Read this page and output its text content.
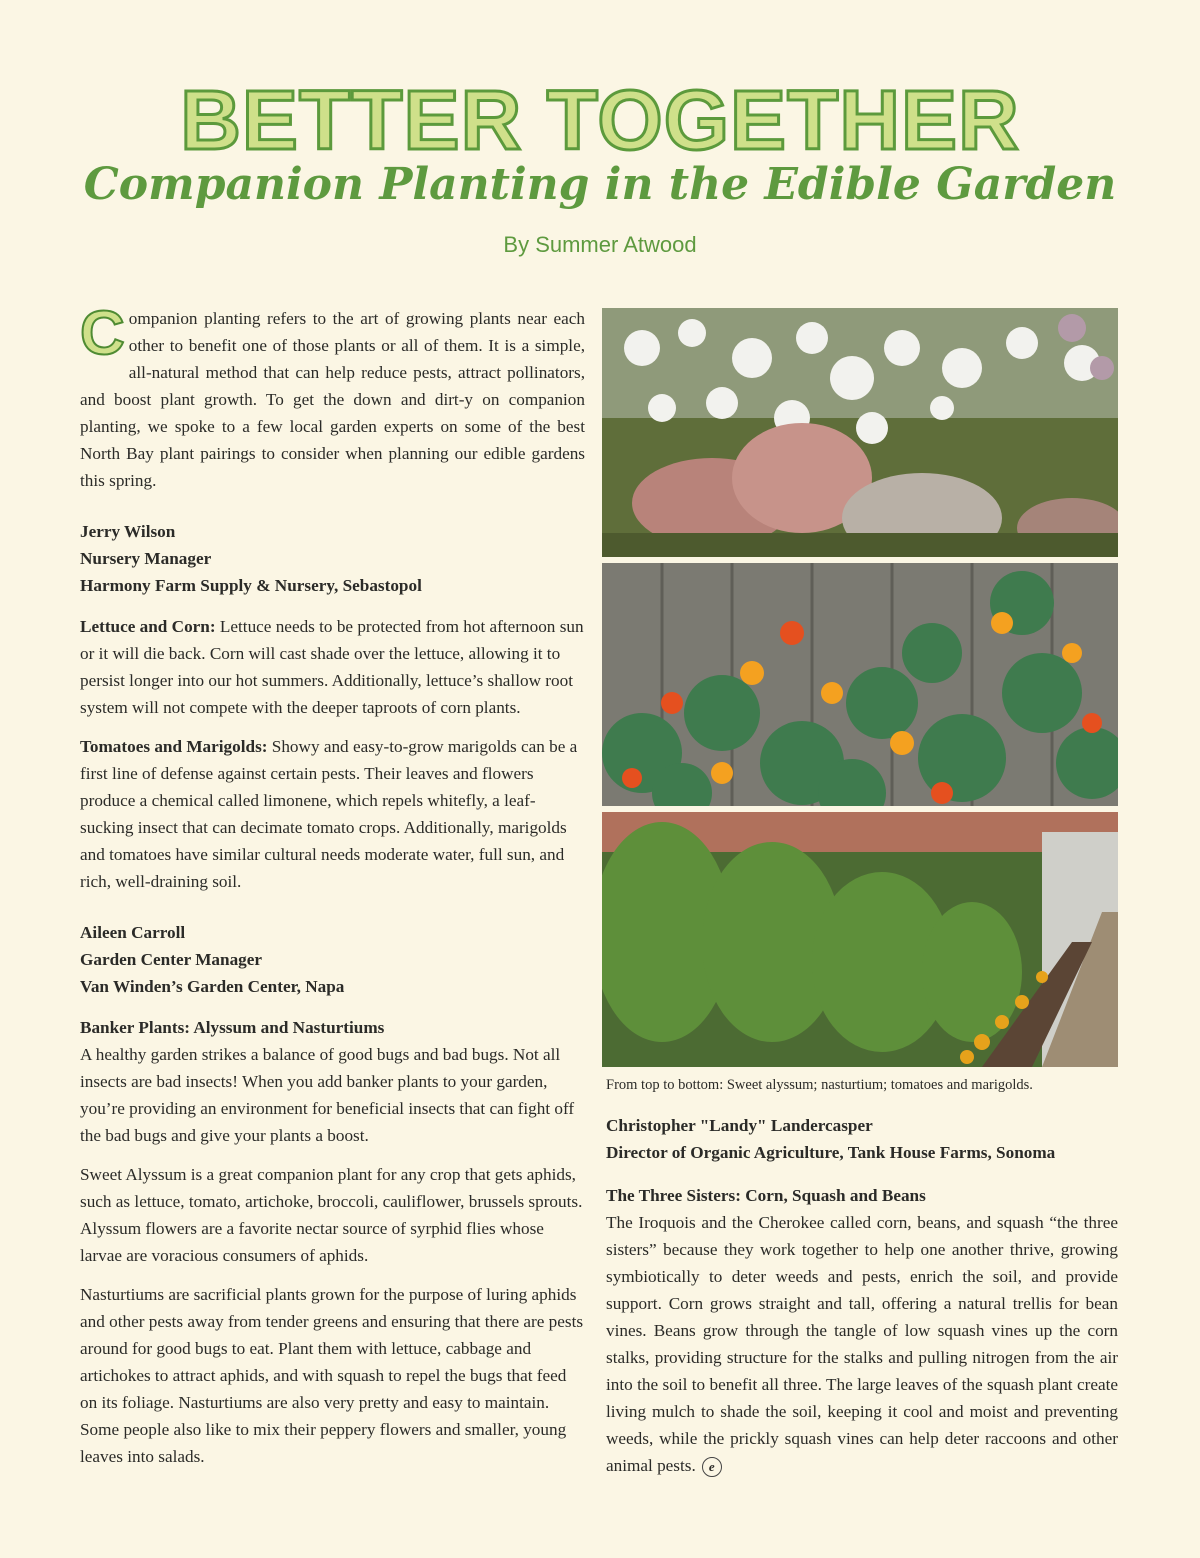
BETTER TOGETHER
Companion Planting in the Edible Garden
By Summer Atwood

Companion planting refers to the art of growing plants near each other to benefit one of those plants or all of them. It is a simple, all-natural method that can help reduce pests, attract pollinators, and boost plant growth. To get the down and dirt-y on companion planting, we spoke to a few local garden experts on some of the best North Bay plant pairings to consider when planning our edible gardens this spring.

Jerry Wilson
Nursery Manager
Harmony Farm Supply & Nursery, Sebastopol

Lettuce and Corn: Lettuce needs to be protected from hot afternoon sun or it will die back. Corn will cast shade over the lettuce, allowing it to persist longer into our hot summers. Additionally, lettuce’s shallow root system will not compete with the deeper taproots of corn plants.

Tomatoes and Marigolds: Showy and easy-to-grow marigolds can be a first line of defense against certain pests. Their leaves and flowers produce a chemical called limonene, which repels whitefly, a leaf-sucking insect that can decimate tomato crops. Additionally, marigolds and tomatoes have similar cultural needs moderate water, full sun, and rich, well-draining soil.

Aileen Carroll
Garden Center Manager
Van Winden’s Garden Center, Napa

Banker Plants: Alyssum and Nasturtiums
A healthy garden strikes a balance of good bugs and bad bugs. Not all insects are bad insects! When you add banker plants to your garden, you’re providing an environment for beneficial insects that can fight off the bad bugs and give your plants a boost.

Sweet Alyssum is a great companion plant for any crop that gets aphids, such as lettuce, tomato, artichoke, broccoli, cauliflower, brussels sprouts. Alyssum flowers are a favorite nectar source of syrphid flies whose larvae are voracious consumers of aphids.

Nasturtiums are sacrificial plants grown for the purpose of luring aphids and other pests away from tender greens and ensuring that there are pests around for good bugs to eat. Plant them with lettuce, cabbage and artichokes to attract aphids, and with squash to repel the bugs that feed on its foliage. Nasturtiums are also very pretty and easy to maintain. Some people also like to mix their peppery flowers and smaller, young leaves into salads.

From top to bottom: Sweet alyssum; nasturtium; tomatoes and marigolds.
Christopher "Landy" Landercasper
Director of Organic Agriculture, Tank House Farms, Sonoma
The Three Sisters: Corn, Squash and Beans

The Iroquois and the Cherokee called corn, beans, and squash “the three sisters” because they work together to help one another thrive, growing symbiotically to deter weeds and pests, enrich the soil, and provide support. Corn grows straight and tall, offering a natural trellis for bean vines. Beans grow through the tangle of low squash vines up the corn stalks, providing structure for the stalks and pulling nitrogen from the air into the soil to benefit all three. The large leaves of the squash plant create living mulch to shade the soil, keeping it cool and moist and preventing weeds, while the prickly squash vines can help deter raccoons and other animal pests. e
